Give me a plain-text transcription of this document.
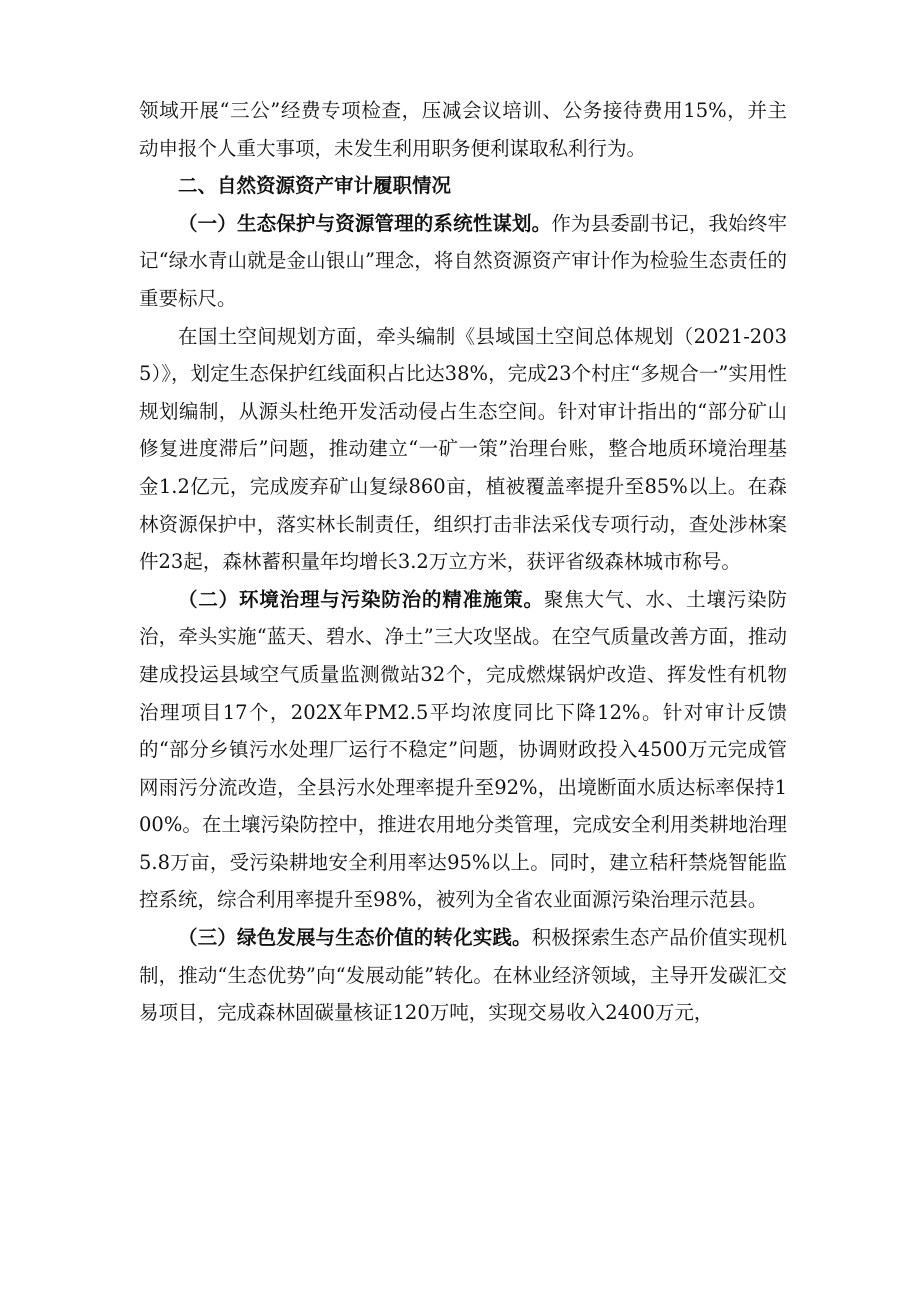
领域开展“三公”经费专项检查，压减会议培训、公务接待费用15%，并主动申报个人重大事项，未发生利用职务便利谋取私利行为。

二、自然资源资产审计履职情况

（一）生态保护与资源管理的系统性谋划。作为县委副书记，我始终牢记“绿水青山就是金山银山”理念，将自然资源资产审计作为检验生态责任的重要标尺。

在国土空间规划方面，牵头编制《县域国土空间总体规划（2021-2035）》，划定生态保护红线面积占比达38%，完成23个村庄“多规合一”实用性规划编制，从源头杜绝开发活动侵占生态空间。针对审计指出的“部分矿山修复进度滞后”问题，推动建立“一矿一策”治理台账，整合地质环境治理基金1.2亿元，完成废弃矿山复绿860亩，植被覆盖率提升至85%以上。在森林资源保护中，落实林长制责任，组织打击非法采伐专项行动，查处涉林案件23起，森林蓄积量年均增长3.2万立方米，获评省级森林城市称号。

（二）环境治理与污染防治的精准施策。聚焦大气、水、土壤污染防治，牵头实施“蓝天、碧水、净土”三大攻坚战。在空气质量改善方面，推动建成投运县域空气质量监测微站32个，完成燃煤锅炉改造、挥发性有机物治理项目17个，202X年PM2.5平均浓度同比下降12%。针对审计反馈的“部分乡镇污水处理厂运行不稳定”问题，协调财政投入4500万元完成管网雨污分流改造，全县污水处理率提升至92%，出境断面水质达标率保持100%。在土壤污染防控中，推进农用地分类管理，完成安全利用类耕地治理5.8万亩，受污染耕地安全利用率达95%以上。同时，建立秸秆禁烧智能监控系统，综合利用率提升至98%，被列为全省农业面源污染治理示范县。

（三）绿色发展与生态价值的转化实践。积极探索生态产品价值实现机制，推动“生态优势”向“发展动能”转化。在林业经济领域，主导开发碳汇交易项目，完成森林固碳量核证120万吨，实现交易收入2400万元，
